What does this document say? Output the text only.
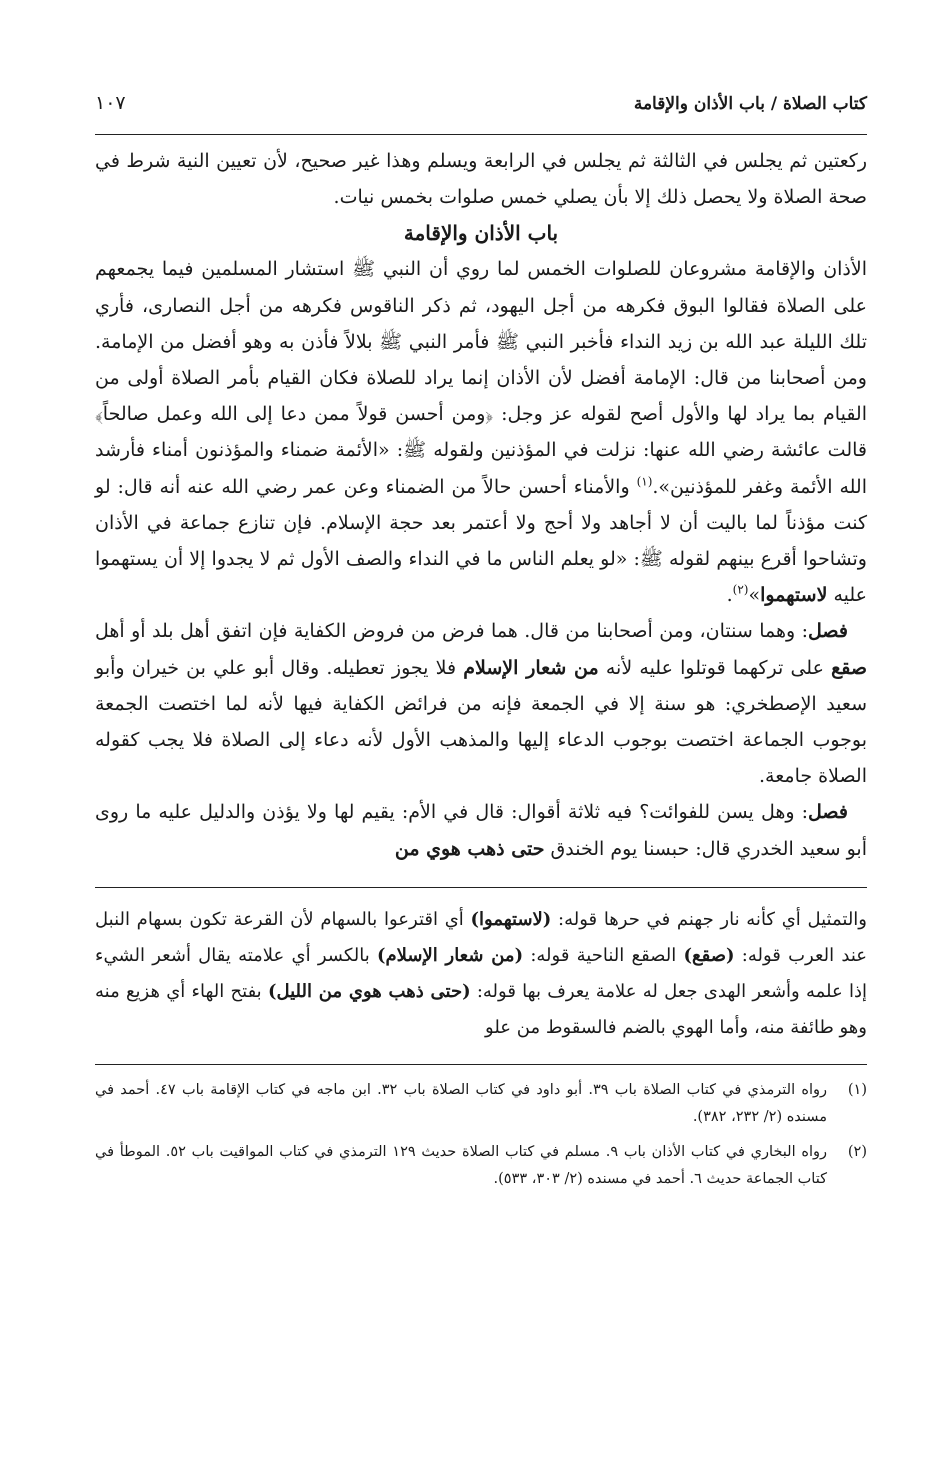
كتاب الصلاة / باب الأذان والإقامة
١٠٧

ركعتين ثم يجلس في الثالثة ثم يجلس في الرابعة ويسلم وهذا غير صحيح، لأن تعيين النية شرط في صحة الصلاة ولا يحصل ذلك إلا بأن يصلي خمس صلوات بخمس نيات.

باب الأذان والإقامة

الأذان والإقامة مشروعان للصلوات الخمس لما روي أن النبي ﷺ استشار المسلمين فيما يجمعهم على الصلاة فقالوا البوق فكرهه من أجل اليهود، ثم ذكر الناقوس فكرهه من أجل النصارى، فأري تلك الليلة عبد الله بن زيد النداء فأخبر النبي ﷺ فأمر النبي ﷺ بلالاً فأذن به وهو أفضل من الإمامة. ومن أصحابنا من قال: الإمامة أفضل لأن الأذان إنما يراد للصلاة فكان القيام بأمر الصلاة أولى من القيام بما يراد لها والأول أصح لقوله عز وجل: ﴿ومن أحسن قولاً ممن دعا إلى الله وعمل صالحاً﴾ قالت عائشة رضي الله عنها: نزلت في المؤذنين ولقوله ﷺ: «الأئمة ضمناء والمؤذنون أمناء فأرشد الله الأئمة وغفر للمؤذنين».$^{(١)}$ والأمناء أحسن حالاً من الضمناء وعن عمر رضي الله عنه أنه قال: لو كنت مؤذناً لما باليت أن لا أجاهد ولا أحج ولا أعتمر بعد حجة الإسلام. فإن تنازع جماعة في الأذان وتشاحوا أقرع بينهم لقوله ﷺ: «لو يعلم الناس ما في النداء والصف الأول ثم لا يجدوا إلا أن يستهموا عليه لاستهموا»$^{(٢)}$.

 فصل: وهما سنتان، ومن أصحابنا من قال. هما فرض من فروض الكفاية فإن اتفق أهل بلد أو أهل صقع على تركهما قوتلوا عليه لأنه من شعار الإسلام فلا يجوز تعطيله. وقال أبو علي بن خيران وأبو سعيد الإصطخري: هو سنة إلا في الجمعة فإنه من فرائض الكفاية فيها لأنه لما اختصت الجمعة بوجوب الجماعة اختصت بوجوب الدعاء إليها والمذهب الأول لأنه دعاء إلى الصلاة فلا يجب كقوله الصلاة جامعة.

 فصل: وهل يسن للفوائت؟ فيه ثلاثة أقوال: قال في الأم: يقيم لها ولا يؤذن والدليل عليه ما روى أبو سعيد الخدري قال: حبسنا يوم الخندق حتى ذهب هوي من

والتمثيل أي كأنه نار جهنم في حرها قوله: (لاستهموا) أي اقترعوا بالسهام لأن القرعة تكون بسهام النبل عند العرب قوله: (صقع) الصقع الناحية قوله: (من شعار الإسلام) بالكسر أي علامته يقال أشعر الشيء إذا علمه وأشعر الهدى جعل له علامة يعرف بها قوله: (حتى ذهب هوي من الليل) بفتح الهاء أي هزيع منه وهو طائفة منه، وأما الهوي بالضم فالسقوط من علو

(١)
رواه الترمذي في كتاب الصلاة باب ٣٩. أبو داود في كتاب الصلاة باب ٣٢. ابن ماجه في كتاب الإقامة باب ٤٧. أحمد في مسنده (٢/ ٢٣٢، ٣٨٢).
(٢)
رواه البخاري في كتاب الأذان باب ٩. مسلم في كتاب الصلاة حديث ١٢٩ الترمذي في كتاب المواقيت باب ٥٢. الموطأ في كتاب الجماعة حديث ٦. أحمد في مسنده (٢/ ٣٠٣، ٥٣٣).
